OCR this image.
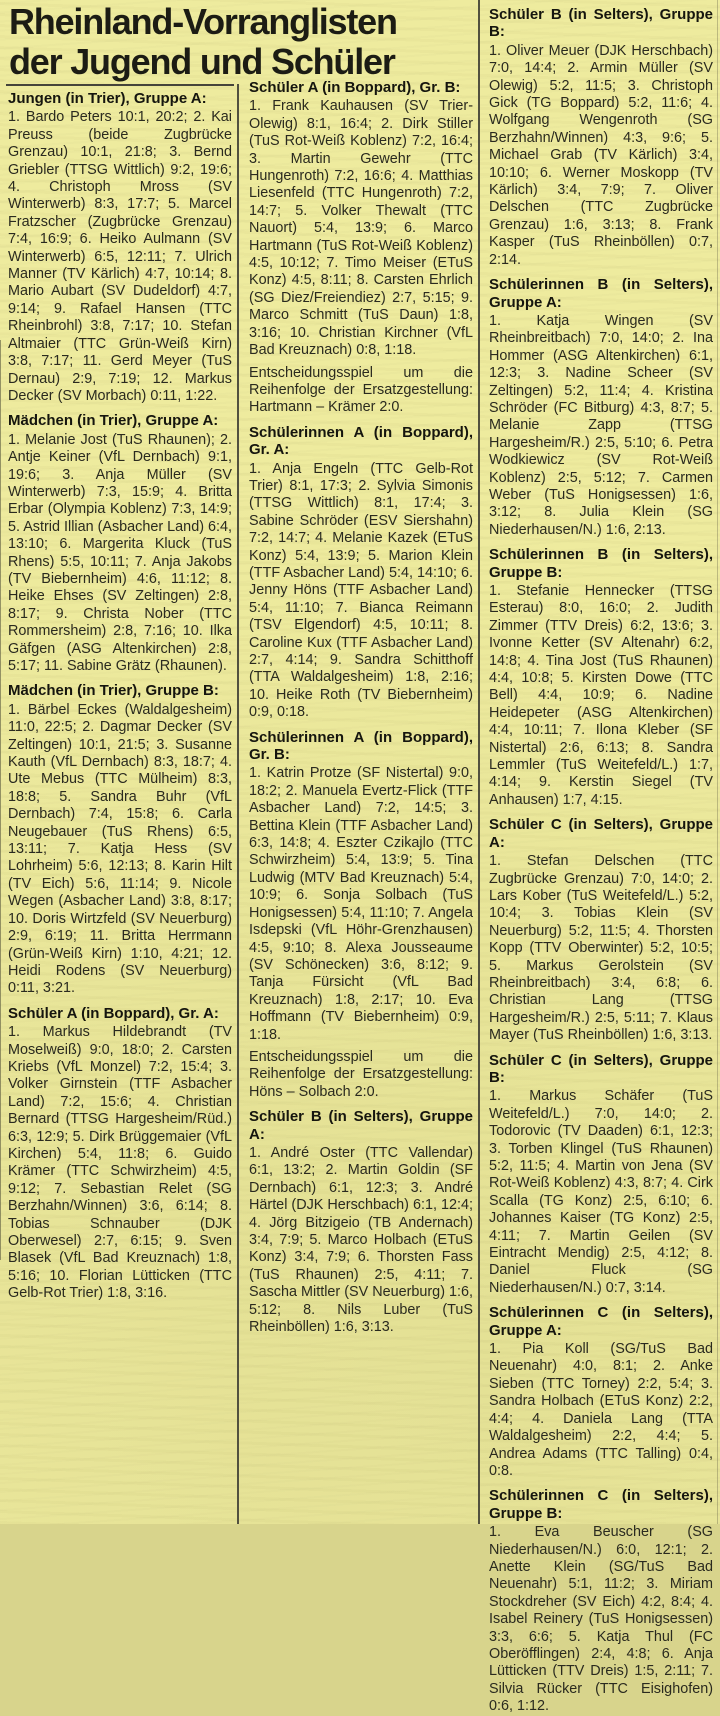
Rheinland-Vorranglisten
der Jugend und Schüler
Jungen (in Trier), Gruppe A:

1. Bardo Peters 10:1, 20:2; 2. Kai Preuss (beide Zugbrücke Grenzau) 10:1, 21:8; 3. Bernd Griebler (TTSG Wittlich) 9:2, 19:6; 4. Christoph Mross (SV Winterwerb) 8:3, 17:7; 5. Marcel Fratzscher (Zugbrücke Grenzau) 7:4, 16:9; 6. Heiko Aulmann (SV Winterwerb) 6:5, 12:11; 7. Ulrich Manner (TV Kärlich) 4:7, 10:14; 8. Mario Aubart (SV Dudeldorf) 4:7, 9:14; 9. Rafael Hansen (TTC Rheinbrohl) 3:8, 7:17; 10. Stefan Altmaier (TTC Grün-Weiß Kirn) 3:8, 7:17; 11. Gerd Meyer (TuS Dernau) 2:9, 7:19; 12. Markus Decker (SV Morbach) 0:11, 1:22.

Mädchen (in Trier), Gruppe A:

1. Melanie Jost (TuS Rhaunen); 2. Antje Keiner (VfL Dernbach) 9:1, 19:6; 3. Anja Müller (SV Winterwerb) 7:3, 15:9; 4. Britta Erbar (Olympia Koblenz) 7:3, 14:9; 5. Astrid Illian (Asbacher Land) 6:4, 13:10; 6. Margerita Kluck (TuS Rhens) 5:5, 10:11; 7. Anja Jakobs (TV Biebernheim) 4:6, 11:12; 8. Heike Ehses (SV Zeltingen) 2:8, 8:17; 9. Christa Nober (TTC Rommersheim) 2:8, 7:16; 10. Ilka Gäfgen (ASG Altenkirchen) 2:8, 5:17; 11. Sabine Grätz (Rhaunen).

Mädchen (in Trier), Gruppe B:

1. Bärbel Eckes (Waldalgesheim) 11:0, 22:5; 2. Dagmar Decker (SV Zeltingen) 10:1, 21:5; 3. Susanne Kauth (VfL Dernbach) 8:3, 18:7; 4. Ute Mebus (TTC Mülheim) 8:3, 18:8; 5. Sandra Buhr (VfL Dernbach) 7:4, 15:8; 6. Carla Neugebauer (TuS Rhens) 6:5, 13:11; 7. Katja Hess (SV Lohrheim) 5:6, 12:13; 8. Karin Hilt (TV Eich) 5:6, 11:14; 9. Nicole Wegen (Asbacher Land) 3:8, 8:17; 10. Doris Wirtzfeld (SV Neuerburg) 2:9, 6:19; 11. Britta Herrmann (Grün-Weiß Kirn) 1:10, 4:21; 12. Heidi Rodens (SV Neuerburg) 0:11, 3:21.

Schüler A (in Boppard), Gr. A:

1. Markus Hildebrandt (TV Moselweiß) 9:0, 18:0; 2. Carsten Kriebs (VfL Monzel) 7:2, 15:4; 3. Volker Girnstein (TTF Asbacher Land) 7:2, 15:6; 4. Christian Bernard (TTSG Hargesheim/Rüd.) 6:3, 12:9; 5. Dirk Brüggemaier (VfL Kirchen) 5:4, 11:8; 6. Guido Krämer (TTC Schwirzheim) 4:5, 9:12; 7. Sebastian Relet (SG Berzhahn/Winnen) 3:6, 6:14; 8. Tobias Schnauber (DJK Oberwesel) 2:7, 6:15; 9. Sven Blasek (VfL Bad Kreuznach) 1:8, 5:16; 10. Florian Lütticken (TTC Gelb-Rot Trier) 1:8, 3:16.

Schüler A (in Boppard), Gr. B:

1. Frank Kauhausen (SV Trier-Olewig) 8:1, 16:4; 2. Dirk Stiller (TuS Rot-Weiß Koblenz) 7:2, 16:4; 3. Martin Gewehr (TTC Hungenroth) 7:2, 16:6; 4. Matthias Liesenfeld (TTC Hungenroth) 7:2, 14:7; 5. Volker Thewalt (TTC Nauort) 5:4, 13:9; 6. Marco Hartmann (TuS Rot-Weiß Koblenz) 4:5, 10:12; 7. Timo Meiser (ETuS Konz) 4:5, 8:11; 8. Carsten Ehrlich (SG Diez/Freiendiez) 2:7, 5:15; 9. Marco Schmitt (TuS Daun) 1:8, 3:16; 10. Christian Kirchner (VfL Bad Kreuznach) 0:8, 1:18.

Entscheidungsspiel um die Reihenfolge der Ersatzgestellung: Hartmann – Krämer 2:0.

Schülerinnen A (in Boppard), Gr. A:

1. Anja Engeln (TTC Gelb-Rot Trier) 8:1, 17:3; 2. Sylvia Simonis (TTSG Wittlich) 8:1, 17:4; 3. Sabine Schröder (ESV Siershahn) 7:2, 14:7; 4. Melanie Kazek (ETuS Konz) 5:4, 13:9; 5. Marion Klein (TTF Asbacher Land) 5:4, 14:10; 6. Jenny Höns (TTF Asbacher Land) 5:4, 11:10; 7. Bianca Reimann (TSV Elgendorf) 4:5, 10:11; 8. Caroline Kux (TTF Asbacher Land) 2:7, 4:14; 9. Sandra Schitthoff (TTA Waldalgesheim) 1:8, 2:16; 10. Heike Roth (TV Biebernheim) 0:9, 0:18.

Schülerinnen A (in Boppard), Gr. B:

1. Katrin Protze (SF Nistertal) 9:0, 18:2; 2. Manuela Evertz-Flick (TTF Asbacher Land) 7:2, 14:5; 3. Bettina Klein (TTF Asbacher Land) 6:3, 14:8; 4. Eszter Czikajlo (TTC Schwirzheim) 5:4, 13:9; 5. Tina Ludwig (MTV Bad Kreuznach) 5:4, 10:9; 6. Sonja Solbach (TuS Honigsessen) 5:4, 11:10; 7. Angela Isdepski (VfL Höhr-Grenzhausen) 4:5, 9:10; 8. Alexa Jousseaume (SV Schönecken) 3:6, 8:12; 9. Tanja Fürsicht (VfL Bad Kreuznach) 1:8, 2:17; 10. Eva Hoffmann (TV Biebernheim) 0:9, 1:18.

Entscheidungsspiel um die Reihenfolge der Ersatzgestellung: Höns – Solbach 2:0.

Schüler B (in Selters), Gruppe A:

1. André Oster (TTC Vallendar) 6:1, 13:2; 2. Martin Goldin (SF Dernbach) 6:1, 12:3; 3. André Härtel (DJK Herschbach) 6:1, 12:4; 4. Jörg Bitzigeio (TB Andernach) 3:4, 7:9; 5. Marco Holbach (ETuS Konz) 3:4, 7:9; 6. Thorsten Fass (TuS Rhaunen) 2:5, 4:11; 7. Sascha Mittler (SV Neuerburg) 1:6, 5:12; 8. Nils Luber (TuS Rheinböllen) 1:6, 3:13.

Schüler B (in Selters), Gruppe B:

1. Oliver Meuer (DJK Herschbach) 7:0, 14:4; 2. Armin Müller (SV Olewig) 5:2, 11:5; 3. Christoph Gick (TG Boppard) 5:2, 11:6; 4. Wolfgang Wengenroth (SG Berzhahn/Winnen) 4:3, 9:6; 5. Michael Grab (TV Kärlich) 3:4, 10:10; 6. Werner Moskopp (TV Kärlich) 3:4, 7:9; 7. Oliver Delschen (TTC Zugbrücke Grenzau) 1:6, 3:13; 8. Frank Kasper (TuS Rheinböllen) 0:7, 2:14.

Schülerinnen B (in Selters), Gruppe A:

1. Katja Wingen (SV Rheinbreitbach) 7:0, 14:0; 2. Ina Hommer (ASG Altenkirchen) 6:1, 12:3; 3. Nadine Scheer (SV Zeltingen) 5:2, 11:4; 4. Kristina Schröder (FC Bitburg) 4:3, 8:7; 5. Melanie Zapp (TTSG Hargesheim/R.) 2:5, 5:10; 6. Petra Wodkiewicz (SV Rot-Weiß Koblenz) 2:5, 5:12; 7. Carmen Weber (TuS Honigsessen) 1:6, 3:12; 8. Julia Klein (SG Niederhausen/N.) 1:6, 2:13.

Schülerinnen B (in Selters), Gruppe B:

1. Stefanie Hennecker (TTSG Esterau) 8:0, 16:0; 2. Judith Zimmer (TTV Dreis) 6:2, 13:6; 3. Ivonne Ketter (SV Altenahr) 6:2, 14:8; 4. Tina Jost (TuS Rhaunen) 4:4, 10:8; 5. Kirsten Dowe (TTC Bell) 4:4, 10:9; 6. Nadine Heidepeter (ASG Altenkirchen) 4:4, 10:11; 7. Ilona Kleber (SF Nistertal) 2:6, 6:13; 8. Sandra Lemmler (TuS Weitefeld/L.) 1:7, 4:14; 9. Kerstin Siegel (TV Anhausen) 1:7, 4:15.

Schüler C (in Selters), Gruppe A:

1. Stefan Delschen (TTC Zugbrücke Grenzau) 7:0, 14:0; 2. Lars Kober (TuS Weitefeld/L.) 5:2, 10:4; 3. Tobias Klein (SV Neuerburg) 5:2, 11:5; 4. Thorsten Kopp (TTV Oberwinter) 5:2, 10:5; 5. Markus Gerolstein (SV Rheinbreitbach) 3:4, 6:8; 6. Christian Lang (TTSG Hargesheim/R.) 2:5, 5:11; 7. Klaus Mayer (TuS Rheinböllen) 1:6, 3:13.

Schüler C (in Selters), Gruppe B:

1. Markus Schäfer (TuS Weitefeld/L.) 7:0, 14:0; 2. Todorovic (TV Daaden) 6:1, 12:3; 3. Torben Klingel (TuS Rhaunen) 5:2, 11:5; 4. Martin von Jena (SV Rot-Weiß Koblenz) 4:3, 8:7; 4. Cirk Scalla (TG Konz) 2:5, 6:10; 6. Johannes Kaiser (TG Konz) 2:5, 4:11; 7. Martin Geilen (SV Eintracht Mendig) 2:5, 4:12; 8. Daniel Fluck (SG Niederhausen/N.) 0:7, 3:14.

Schülerinnen C (in Selters), Gruppe A:

1. Pia Koll (SG/TuS Bad Neuenahr) 4:0, 8:1; 2. Anke Sieben (TTC Torney) 2:2, 5:4; 3. Sandra Holbach (ETuS Konz) 2:2, 4:4; 4. Daniela Lang (TTA Waldalgesheim) 2:2, 4:4; 5. Andrea Adams (TTC Talling) 0:4, 0:8.

Schülerinnen C (in Selters), Gruppe B:

1. Eva Beuscher (SG Niederhausen/N.) 6:0, 12:1; 2. Anette Klein (SG/TuS Bad Neuenahr) 5:1, 11:2; 3. Miriam Stockdreher (SV Eich) 4:2, 8:4; 4. Isabel Reinery (TuS Honigsessen) 3:3, 6:6; 5. Katja Thul (FC Oberöfflingen) 2:4, 4:8; 6. Anja Lütticken (TTV Dreis) 1:5, 2:11; 7. Silvia Rücker (TTC Eisighofen) 0:6, 1:12.
